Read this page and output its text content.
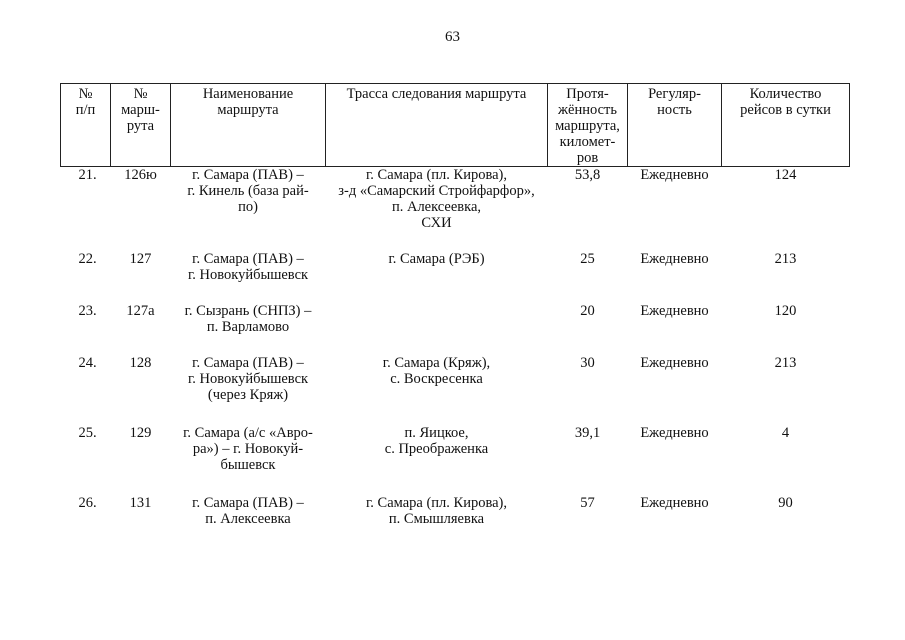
63
№
п/п	№
марш-
рута	Наименование
маршрута	Трасса следования маршрута	Протя-
жённость
маршрута,
километ-
ров	Регуляр-
ность	Количество
рейсов в сутки

21.	126ю	г. Самара (ПАВ) –
г. Кинель (база рай-
по)	г. Самара (пл. Кирова),
з-д «Самарский Стройфарфор»,
п. Алексеевка,
СХИ	53,8	Ежедневно	124
22.	127	г. Самара (ПАВ) –
г. Новокуйбышевск	г. Самара (РЭБ)	25	Ежедневно	213
23.	127а	г. Сызрань (СНПЗ) –
п. Варламово		20	Ежедневно	120
24.	128	г. Самара (ПАВ) –
г. Новокуйбышевск
(через Кряж)	г. Самара (Кряж),
с. Воскресенка	30	Ежедневно	213
25.	129	г. Самара (а/с «Авро-
ра») – г. Новокуй-
бышевск	п. Яицкое,
с. Преображенка	39,1	Ежедневно	4
26.	131	г. Самара (ПАВ) –
п. Алексеевка	г. Самара (пл. Кирова),
п. Смышляевка	57	Ежедневно	90
